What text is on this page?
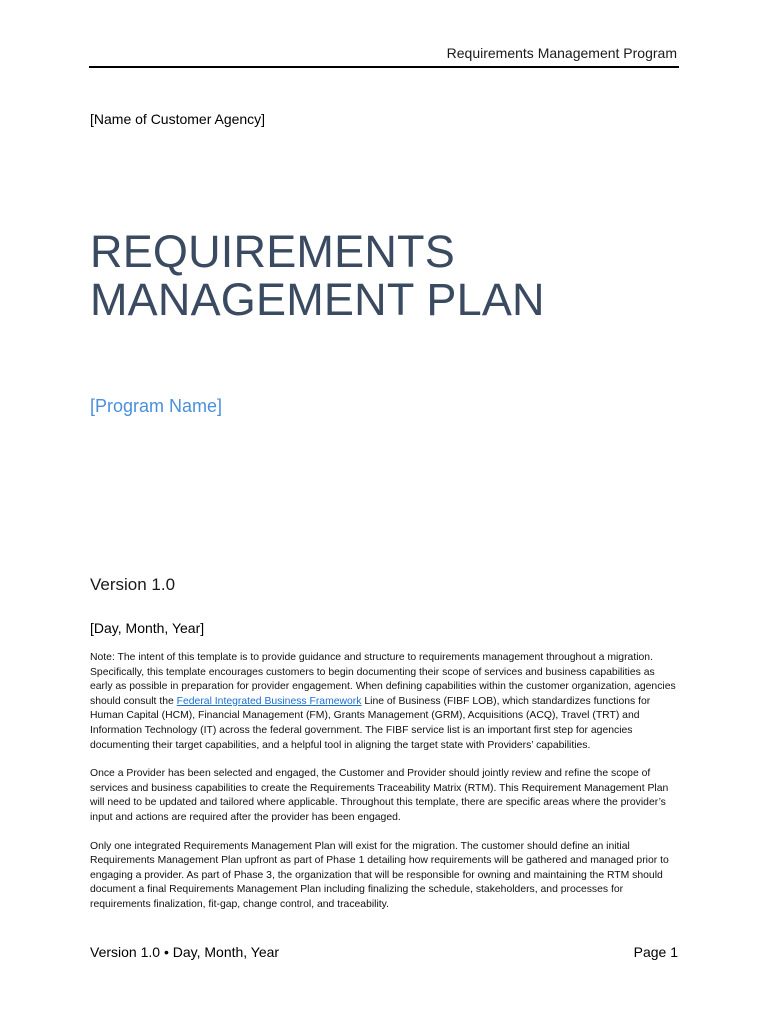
Requirements Management Program
[Name of Customer Agency]
REQUIREMENTS
MANAGEMENT PLAN
[Program Name]
Version 1.0
[Day, Month, Year]

Note: The intent of this template is to provide guidance and structure to requirements management throughout a migration. Specifically, this template encourages customers to begin documenting their scope of services and business capabilities as early as possible in preparation for provider engagement. When defining capabilities within the customer organization, agencies should consult the Federal Integrated Business Framework Line of Business (FIBF LOB), which standardizes functions for Human Capital (HCM), Financial Management (FM), Grants Management (GRM), Acquisitions (ACQ), Travel (TRT) and Information Technology (IT) across the federal government. The FIBF service list is an important first step for agencies documenting their target capabilities, and a helpful tool in aligning the target state with Providers’ capabilities.

Once a Provider has been selected and engaged, the Customer and Provider should jointly review and refine the scope of services and business capabilities to create the Requirements Traceability Matrix (RTM). This Requirement Management Plan will need to be updated and tailored where applicable. Throughout this template, there are specific areas where the provider’s input and actions are required after the provider has been engaged.

Only one integrated Requirements Management Plan will exist for the migration. The customer should define an initial Requirements Management Plan upfront as part of Phase 1 detailing how requirements will be gathered and managed prior to engaging a provider. As part of Phase 3, the organization that will be responsible for owning and maintaining the RTM should document a final Requirements Management Plan including finalizing the schedule, stakeholders, and processes for requirements finalization, fit-gap, change control, and traceability.

Version 1.0 • Day, Month, Year	Page 1
